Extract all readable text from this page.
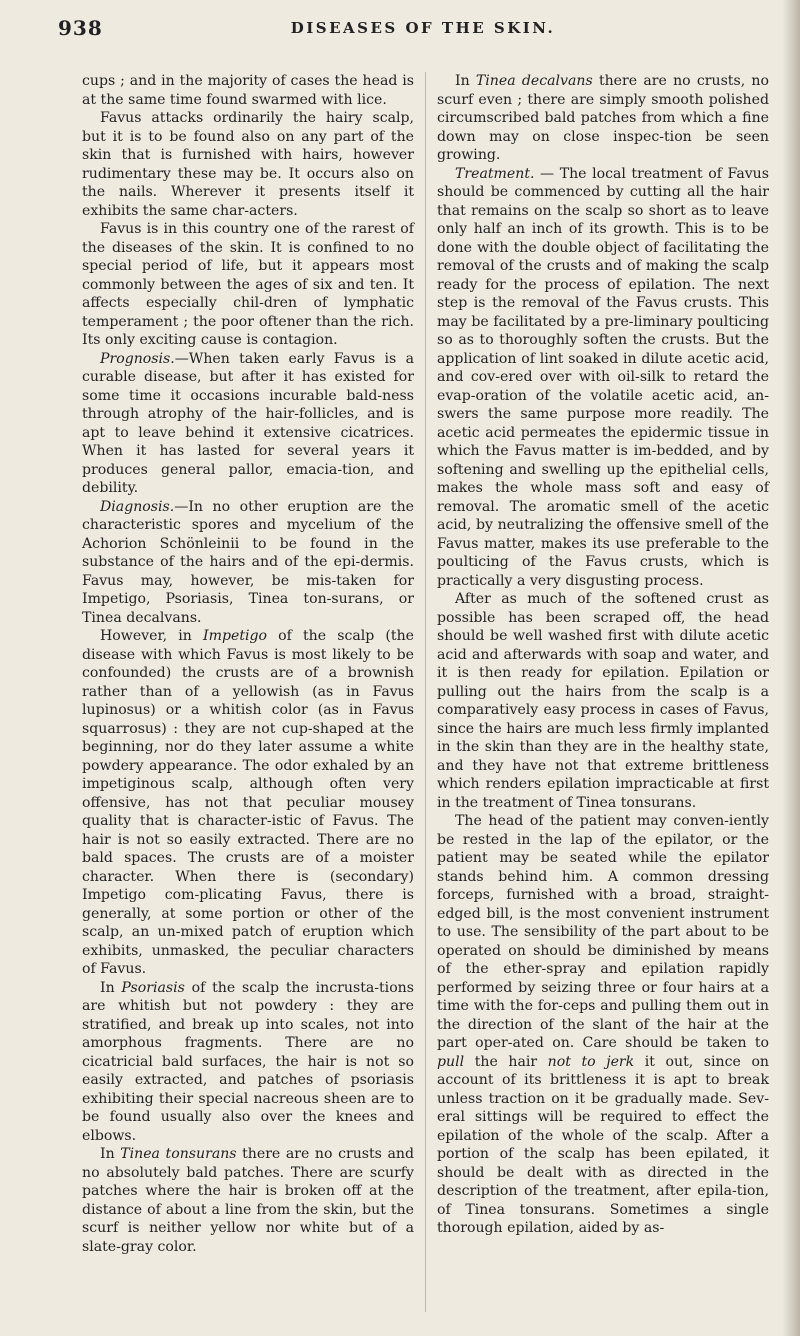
938	DISEASES OF THE SKIN.

cups ; and in the majority of cases the head is at the same time found swarmed with lice.

Favus attacks ordinarily the hairy scalp, but it is to be found also on any part of the skin that is furnished with hairs, however rudimentary these may be. It occurs also on the nails. Wherever it presents itself it exhibits the same char-acters.

Favus is in this country one of the rarest of the diseases of the skin. It is confined to no special period of life, but it appears most commonly between the ages of six and ten. It affects especially chil-dren of lymphatic temperament ; the poor oftener than the rich. Its only exciting cause is contagion.

Prognosis.—When taken early Favus is a curable disease, but after it has existed for some time it occasions incurable bald-ness through atrophy of the hair-follicles, and is apt to leave behind it extensive cicatrices. When it has lasted for several years it produces general pallor, emacia-tion, and debility.

Diagnosis.—In no other eruption are the characteristic spores and mycelium of the Achorion Schönleinii to be found in the substance of the hairs and of the epi-dermis. Favus may, however, be mis-taken for Impetigo, Psoriasis, Tinea ton-surans, or Tinea decalvans.

However, in Impetigo of the scalp (the disease with which Favus is most likely to be confounded) the crusts are of a brownish rather than of a yellowish (as in Favus lupinosus) or a whitish color (as in Favus squarrosus) : they are not cup-shaped at the beginning, nor do they later assume a white powdery appearance. The odor exhaled by an impetiginous scalp, although often very offensive, has not that peculiar mousey quality that is character-istic of Favus. The hair is not so easily extracted. There are no bald spaces. The crusts are of a moister character. When there is (secondary) Impetigo com-plicating Favus, there is generally, at some portion or other of the scalp, an un-mixed patch of eruption which exhibits, unmasked, the peculiar characters of Favus.

In Psoriasis of the scalp the incrusta-tions are whitish but not powdery : they are stratified, and break up into scales, not into amorphous fragments. There are no cicatricial bald surfaces, the hair is not so easily extracted, and patches of psoriasis exhibiting their special nacreous sheen are to be found usually also over the knees and elbows.

In Tinea tonsurans there are no crusts and no absolutely bald patches. There are scurfy patches where the hair is broken off at the distance of about a line from the skin, but the scurf is neither yellow nor white but of a slate-gray color.

In Tinea decalvans there are no crusts, no scurf even ; there are simply smooth polished circumscribed bald patches from which a fine down may on close inspec-tion be seen growing.

Treatment. — The local treatment of Favus should be commenced by cutting all the hair that remains on the scalp so short as to leave only half an inch of its growth. This is to be done with the double object of facilitating the removal of the crusts and of making the scalp ready for the process of epilation. The next step is the removal of the Favus crusts. This may be facilitated by a pre-liminary poulticing so as to thoroughly soften the crusts. But the application of lint soaked in dilute acetic acid, and cov-ered over with oil-silk to retard the evap-oration of the volatile acetic acid, an-swers the same purpose more readily. The acetic acid permeates the epidermic tissue in which the Favus matter is im-bedded, and by softening and swelling up the epithelial cells, makes the whole mass soft and easy of removal. The aromatic smell of the acetic acid, by neutralizing the offensive smell of the Favus matter, makes its use preferable to the poulticing of the Favus crusts, which is practically a very disgusting process.

After as much of the softened crust as possible has been scraped off, the head should be well washed first with dilute acetic acid and afterwards with soap and water, and it is then ready for epilation. Epilation or pulling out the hairs from the scalp is a comparatively easy process in cases of Favus, since the hairs are much less firmly implanted in the skin than they are in the healthy state, and they have not that extreme brittleness which renders epilation impracticable at first in the treatment of Tinea tonsurans.

The head of the patient may conven-iently be rested in the lap of the epilator, or the patient may be seated while the epilator stands behind him. A common dressing forceps, furnished with a broad, straight-edged bill, is the most convenient instrument to use. The sensibility of the part about to be operated on should be diminished by means of the ether-spray and epilation rapidly performed by seizing three or four hairs at a time with the for-ceps and pulling them out in the direction of the slant of the hair at the part oper-ated on. Care should be taken to pull the hair not to jerk it out, since on account of its brittleness it is apt to break unless traction on it be gradually made. Sev-eral sittings will be required to effect the epilation of the whole of the scalp. After a portion of the scalp has been epilated, it should be dealt with as directed in the description of the treatment, after epila-tion, of Tinea tonsurans. Sometimes a single thorough epilation, aided by as-
